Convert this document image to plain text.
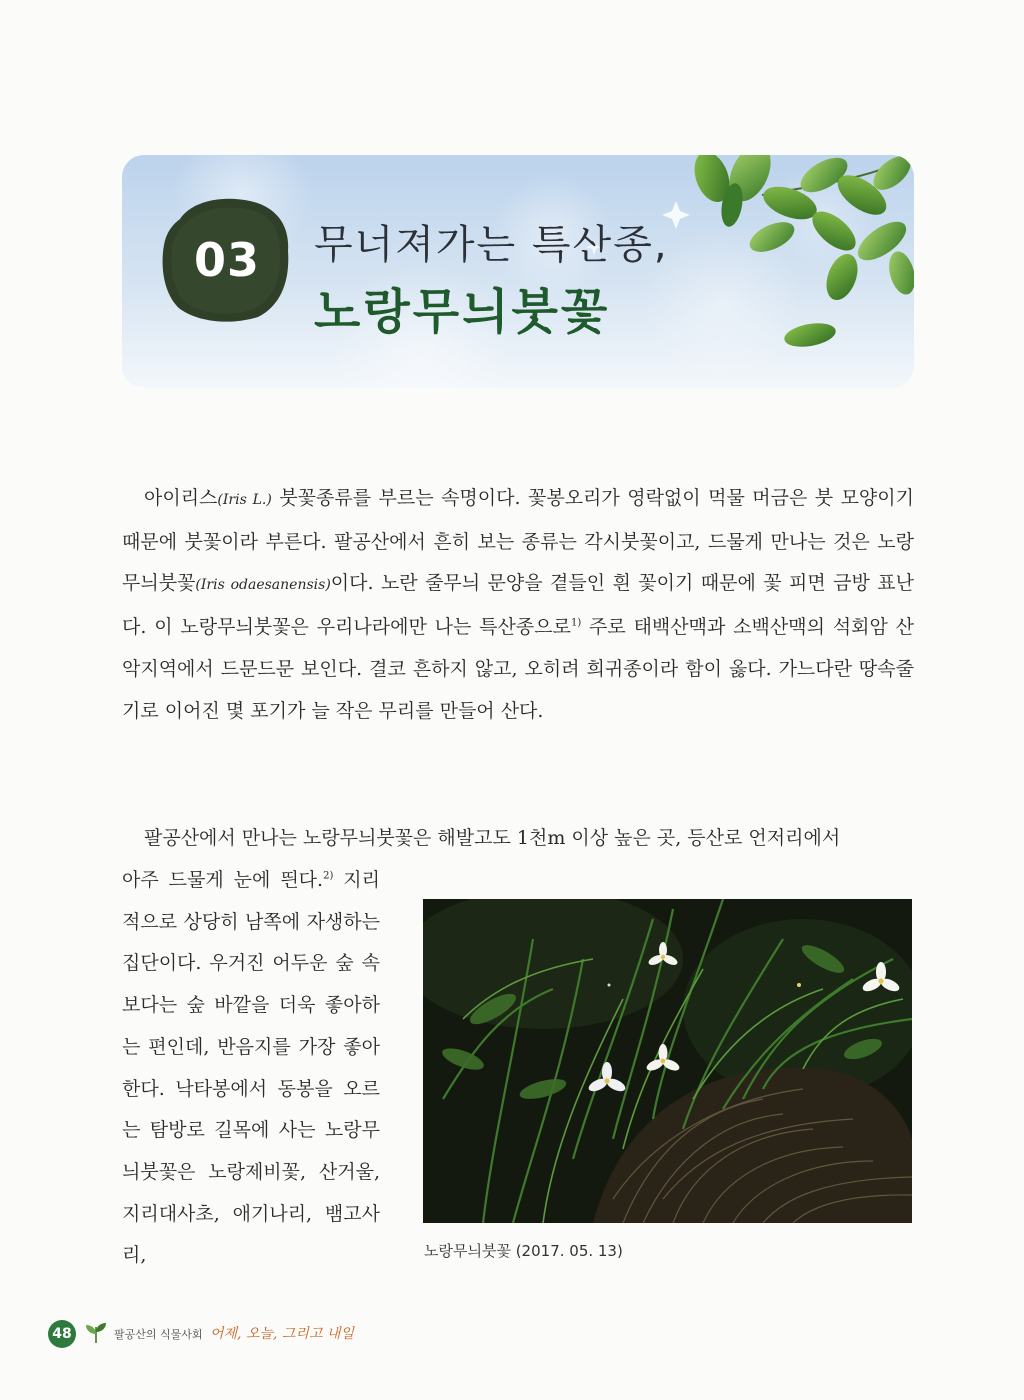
03	무너져가는 특산종,
노랑무늬붓꽃

아이리스(Iris L.) 붓꽃종류를 부르는 속명이다. 꽃봉오리가 영락없이 먹물 머금은 붓 모양이기 때문에 붓꽃이라 부른다. 팔공산에서 흔히 보는 종류는 각시붓꽃이고, 드물게 만나는 것은 노랑무늬붓꽃(Iris odaesanensis)이다. 노란 줄무늬 문양을 곁들인 흰 꽃이기 때문에 꽃 피면 금방 표난다. 이 노랑무늬붓꽃은 우리나라에만 나는 특산종으로$^{1)}$ 주로 태백산맥과 소백산맥의 석회암 산악지역에서 드문드문 보인다. 결코 흔하지 않고, 오히려 희귀종이라 함이 옳다. 가느다란 땅속줄기로 이어진 몇 포기가 늘 작은 무리를 만들어 산다.

팔공산에서 만나는 노랑무늬붓꽃은 해발고도 1천m 이상 높은 곳, 등산로 언저리에서

아주 드물게 눈에 띈다.$^{2)}$ 지리적으로 상당히 남쪽에 자생하는 집단이다. 우거진 어두운 숲 속보다는 숲 바깥을 더욱 좋아하는 편인데, 반음지를 가장 좋아한다. 낙타봉에서 동봉을 오르는 탐방로 길목에 사는 노랑무늬붓꽃은 노랑제비꽃, 산거울, 지리대사초, 애기나리, 뱀고사리,	노랑무늬붓꽃 (2017. 05. 13)
48	팔공산의 식물사회 어제, 오늘, 그리고 내일
